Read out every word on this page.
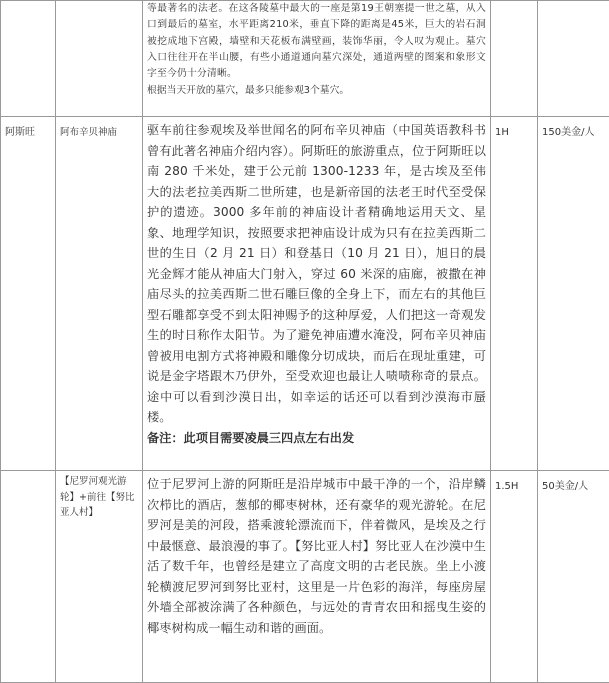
		等最著名的法老。在这各陵墓中最大的一座是第19王朝塞提一世之墓，从入口到最后的墓室，水平距离210米，垂直下降的距离是45米，巨大的岩石洞被挖成地下宫殿，墙壁和天花板布满壁画，装饰华丽，令人叹为观止。墓穴入口往往开在半山腰，有些小通道通向墓穴深处，通道两壁的图案和象形文字至今仍十分清晰。
根据当天开放的墓穴，最多只能参观3个墓穴。		

阿斯旺	阿布辛贝神庙	驱车前往参观埃及举世闻名的阿布辛贝神庙（中国英语教科书曾有此著名神庙介绍内容）。阿斯旺的旅游重点，位于阿斯旺以南 280 千米处，建于公元前 1300-1233 年，是古埃及至伟大的法老拉美西斯二世所建，也是新帝国的法老王时代至受保护的遗迹。3000 多年前的神庙设计者精确地运用天文、星象、地理学知识，按照要求把神庙设计成为只有在拉美西斯二世的生日（2 月 21 日）和登基日（10 月 21 日），旭日的晨光金辉才能从神庙大门射入，穿过 60 米深的庙廊，被撒在神庙尽头的拉美西斯二世石雕巨像的全身上下，而左右的其他巨型石雕都享受不到太阳神赐予的这种厚爱，人们把这一奇观发生的时日称作太阳节。为了避免神庙遭水淹没，阿布辛贝神庙曾被用电割方式将神殿和雕像分切成块，而后在现址重建，可说是金字塔跟木乃伊外，至受欢迎也最让人啧啧称奇的景点。途中可以看到沙漠日出，如幸运的话还可以看到沙漠海市蜃楼。
备注：此项目需要凌晨三四点左右出发	1H	150美金/人

	【尼罗河观光游轮】+前往【努比亚人村】	位于尼罗河上游的阿斯旺是沿岸城市中最干净的一个，沿岸鳞次栉比的酒店，葱郁的椰枣树林，还有豪华的观光游轮。在尼罗河是美的河段，搭乘渡轮漂流而下，伴着微风，是埃及之行中最惬意、最浪漫的事了。【努比亚人村】努比亚人在沙漠中生活了数千年，也曾经是建立了高度文明的古老民族。坐上小渡轮横渡尼罗河到努比亚村，这里是一片色彩的海洋，每座房屋外墙全部被涂满了各种颜色，与远处的青青农田和摇曳生姿的椰枣树构成一幅生动和谐的画面。	1.5H	50美金/人
